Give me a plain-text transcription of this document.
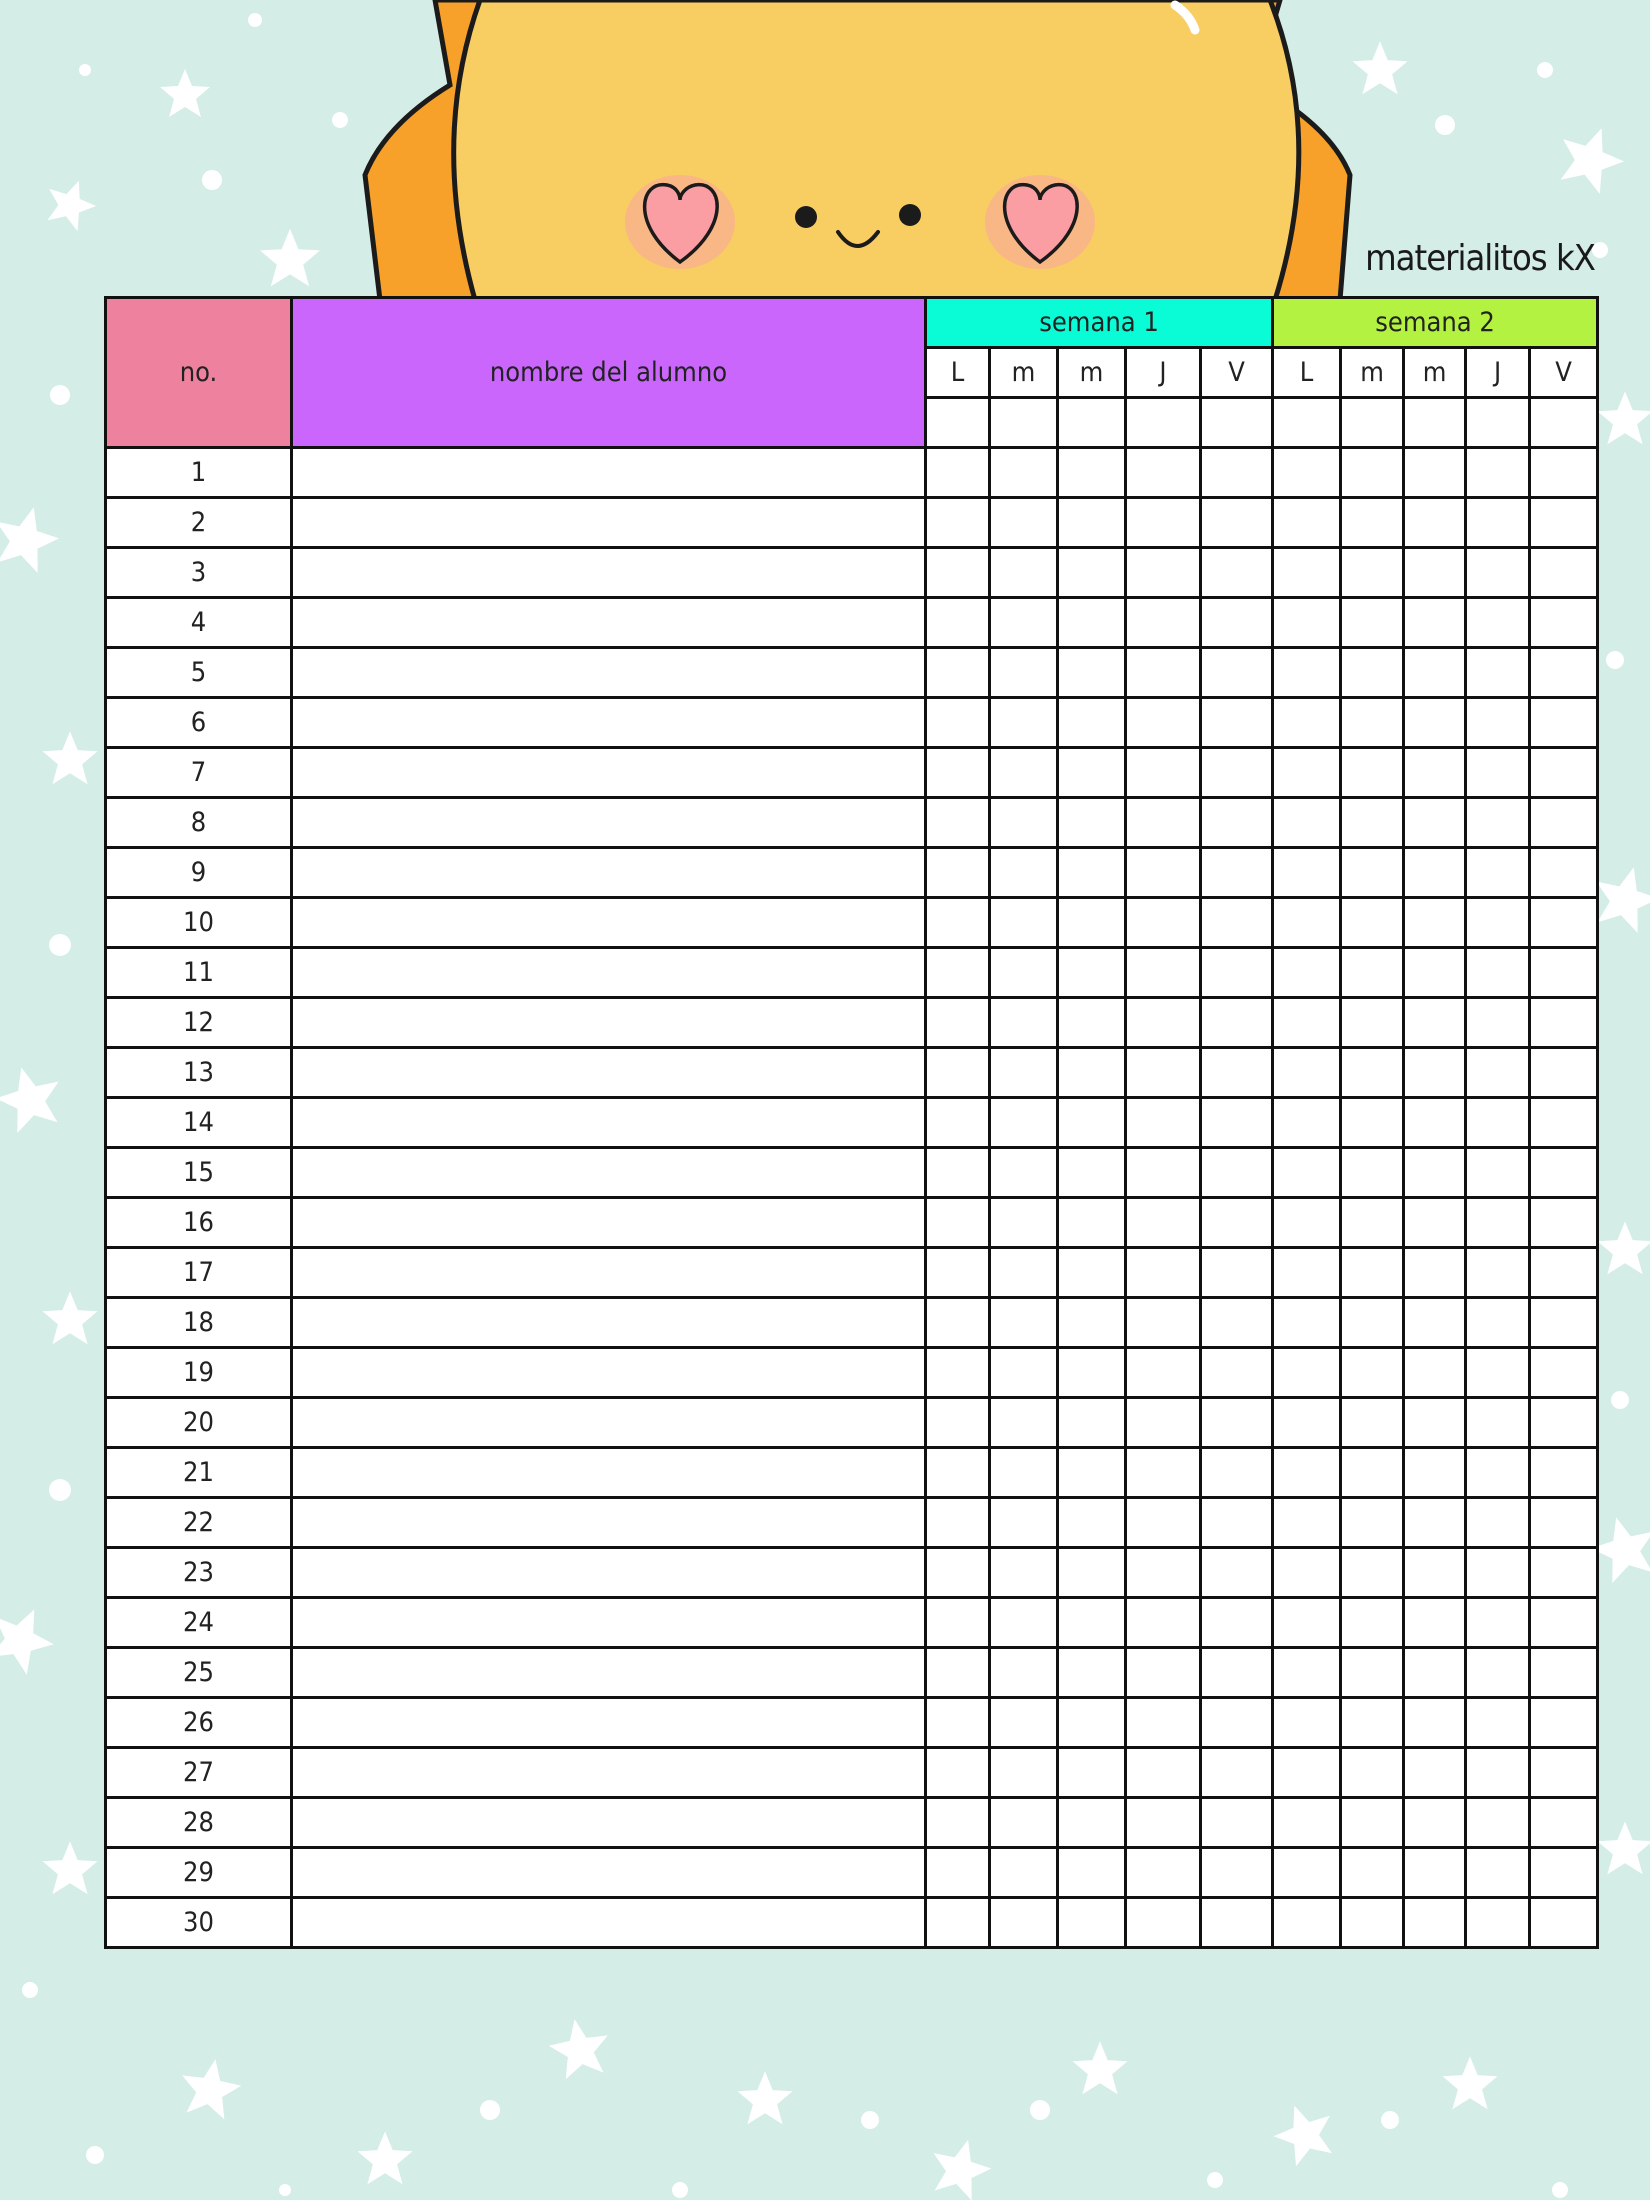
materialitos kX
no.	nombre del alumno	semana 1					semana 2				
		L	m	m	J	V	L	m	m	J	V

1											
2											
3											
4											
5											
6											
7											
8											
9											
10											
11											
12											
13											
14											
15											
16											
17											
18											
19											
20											
21											
22											
23											
24											
25											
26											
27											
28											
29											
30											
